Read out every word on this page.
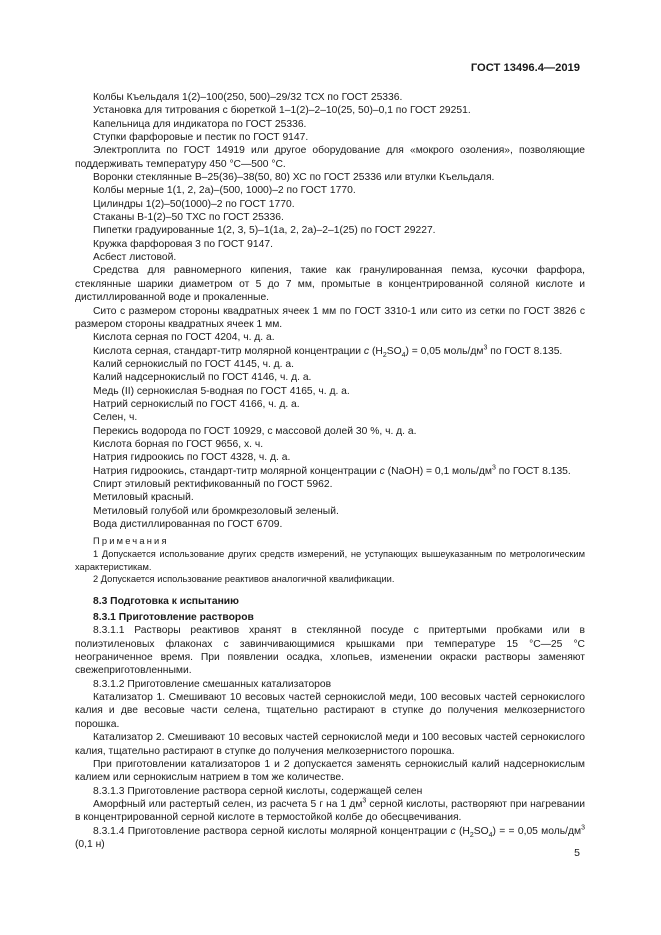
ГОСТ 13496.4—2019

Колбы Къельдаля 1(2)–100(250, 500)–29/32 ТСХ по ГОСТ 25336.

Установка для титрования с бюреткой 1–1(2)–2–10(25, 50)–0,1 по ГОСТ 29251.

Капельница для индикатора по ГОСТ 25336.

Ступки фарфоровые и пестик по ГОСТ 9147.

Электроплита по ГОСТ 14919 или другое оборудование для «мокрого озоления», позволяющие поддерживать температуру 450 °С—500 °С.

Воронки стеклянные В–25(36)–38(50, 80) ХС по ГОСТ 25336 или втулки Къельдаля.

Колбы мерные 1(1, 2, 2а)–(500, 1000)–2 по ГОСТ 1770.

Цилиндры 1(2)–50(1000)–2 по ГОСТ 1770.

Стаканы В-1(2)–50 ТХС по ГОСТ 25336.

Пипетки градуированные 1(2, 3, 5)–1(1а, 2, 2а)–2–1(25) по ГОСТ 29227.

Кружка фарфоровая 3 по ГОСТ 9147.

Асбест листовой.

Средства для равномерного кипения, такие как гранулированная пемза, кусочки фарфора, стеклянные шарики диаметром от 5 до 7 мм, промытые в концентрированной соляной кислоте и дистиллированной воде и прокаленные.

Сито с размером стороны квадратных ячеек 1 мм по ГОСТ 3310-1 или сито из сетки по ГОСТ 3826 с размером стороны квадратных ячеек 1 мм.

Кислота серная по ГОСТ 4204, ч. д. а.

Кислота серная, стандарт-титр молярной концентрации c $(H_2SO_4) = 0,05$ моль/$дм^3$ по ГОСТ 8.135.

Калий сернокислый по ГОСТ 4145, ч. д. а.

Калий надсернокислый по ГОСТ 4146, ч. д. а.

Медь (II) сернокислая 5-водная по ГОСТ 4165, ч. д. а.

Натрий сернокислый по ГОСТ 4166, ч. д. а.

Селен, ч.

Перекись водорода по ГОСТ 10929, с массовой долей 30 %, ч. д. а.

Кислота борная по ГОСТ 9656, х. ч.

Натрия гидроокись по ГОСТ 4328, ч. д. а.

Натрия гидроокись, стандарт-титр молярной концентрации c (NaOH) = 0,1 моль/$дм^3$ по ГОСТ 8.135.

Спирт этиловый ректификованный по ГОСТ 5962.

Метиловый красный.

Метиловый голубой или бромкрезоловый зеленый.

Вода дистиллированная по ГОСТ 6709.

Примечания
1 Допускается использование других средств измерений, не уступающих вышеуказанным по метрологическим характеристикам.
2 Допускается использование реактивов аналогичной квалификации.
8.3 Подготовка к испытанию
8.3.1 Приготовление растворов

8.3.1.1 Растворы реактивов хранят в стеклянной посуде с притертыми пробками или в полиэтиленовых флаконах с завинчивающимися крышками при температуре 15 °С—25 °С неограниченное время. При появлении осадка, хлопьев, изменении окраски растворы заменяют свежеприготовленными.

8.3.1.2 Приготовление смешанных катализаторов

Катализатор 1. Смешивают 10 весовых частей сернокислой меди, 100 весовых частей сернокислого калия и две весовые части селена, тщательно растирают в ступке до получения мелкозернистого порошка.

Катализатор 2. Смешивают 10 весовых частей сернокислой меди и 100 весовых частей сернокислого калия, тщательно растирают в ступке до получения мелкозернистого порошка.

При приготовлении катализаторов 1 и 2 допускается заменять сернокислый калий надсернокислым калием или сернокислым натрием в том же количестве.

8.3.1.3 Приготовление раствора серной кислоты, содержащей селен

Аморфный или растертый селен, из расчета 5 г на 1 $дм^3$ серной кислоты, растворяют при нагревании в концентрированной серной кислоте в термостойкой колбе до обесцвечивания.

8.3.1.4 Приготовление раствора серной кислоты молярной концентрации c $(H_2SO_4)$ = = 0,05 моль/$дм^3$ (0,1 н)

5
